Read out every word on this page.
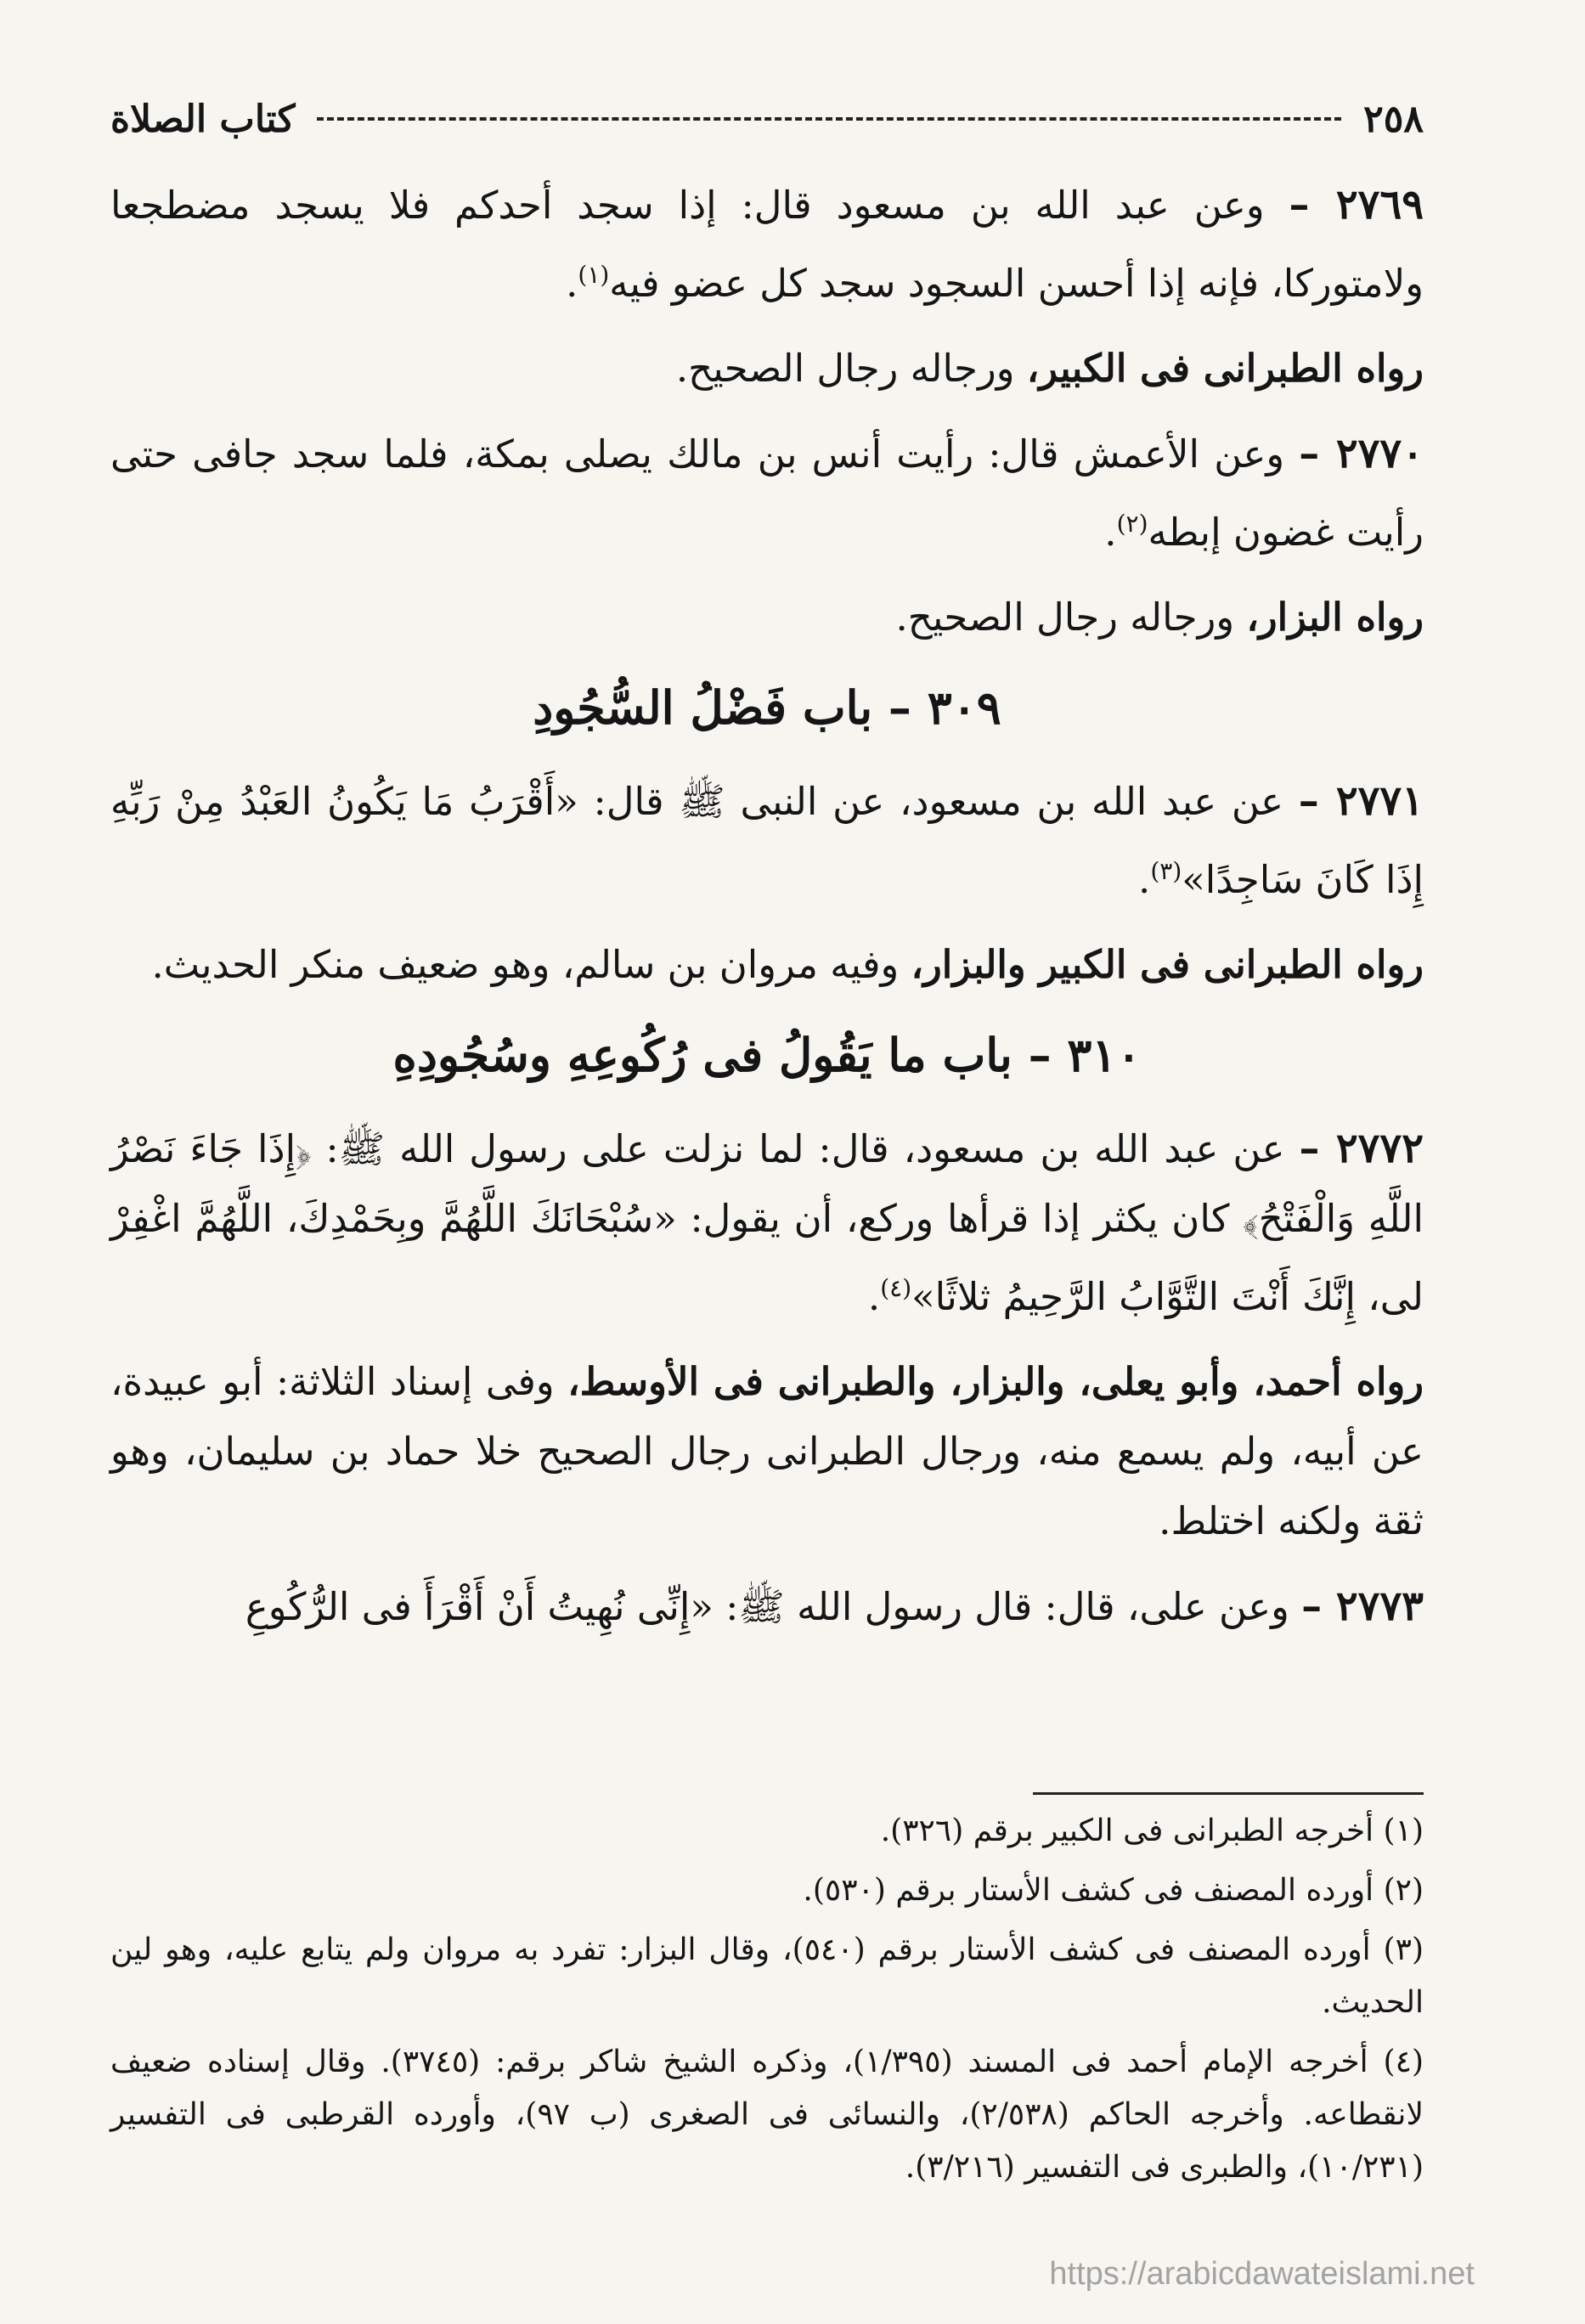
٢٥٨
كتاب الصلاة

٢٧٦٩ – وعن عبد الله بن مسعود قال: إذا سجد أحدكم فلا يسجد مضطجعا ولامتوركا، فإنه إذا أحسن السجود سجد كل عضو فيه$^{(١)}$.

رواه الطبرانى فى الكبير، ورجاله رجال الصحيح.

٢٧٧٠ – وعن الأعمش قال: رأيت أنس بن مالك يصلى بمكة، فلما سجد جافى حتى رأيت غضون إبطه$^{(٢)}$.

رواه البزار، ورجاله رجال الصحيح.

٣٠٩ – باب فَضْلُ السُّجُودِ

٢٧٧١ – عن عبد الله بن مسعود، عن النبى ﷺ قال: «أَقْرَبُ مَا يَكُونُ العَبْدُ مِنْ رَبِّهِ إِذَا كَانَ سَاجِدًا»$^{(٣)}$.

رواه الطبرانى فى الكبير والبزار، وفيه مروان بن سالم، وهو ضعيف منكر الحديث.

٣١٠ – باب ما يَقُولُ فى رُكُوعِهِ وسُجُودِهِ

٢٧٧٢ – عن عبد الله بن مسعود، قال: لما نزلت على رسول الله ﷺ: ﴿إِذَا جَاءَ نَصْرُ اللَّهِ وَالْفَتْحُ﴾ كان يكثر إذا قرأها وركع، أن يقول: «سُبْحَانَكَ اللَّهُمَّ وبِحَمْدِكَ، اللَّهُمَّ اغْفِرْ لى، إِنَّكَ أَنْتَ التَّوَّابُ الرَّحِيمُ ثلاثًا»$^{(٤)}$.

رواه أحمد، وأبو يعلى، والبزار، والطبرانى فى الأوسط، وفى إسناد الثلاثة: أبو عبيدة، عن أبيه، ولم يسمع منه، ورجال الطبرانى رجال الصحيح خلا حماد بن سليمان، وهو ثقة ولكنه اختلط.

٢٧٧٣ – وعن على، قال: قال رسول الله ﷺ: «إِنِّى نُهِيتُ أَنْ أَقْرَأَ فى الرُّكُوعِ

(١) أخرجه الطبرانى فى الكبير برقم (٣٢٦).

(٢) أورده المصنف فى كشف الأستار برقم (٥٣٠).

(٣) أورده المصنف فى كشف الأستار برقم (٥٤٠)، وقال البزار: تفرد به مروان ولم يتابع عليه، وهو لين الحديث.

(٤) أخرجه الإمام أحمد فى المسند (١/٣٩٥)، وذكره الشيخ شاكر برقم: (٣٧٤٥). وقال إسناده ضعيف لانقطاعه. وأخرجه الحاكم (٢/٥٣٨)، والنسائى فى الصغرى (ب ٩٧)، وأورده القرطبى فى التفسير (١٠/٢٣١)، والطبرى فى التفسير (٣/٢١٦).

https://arabicdawateislami.net
